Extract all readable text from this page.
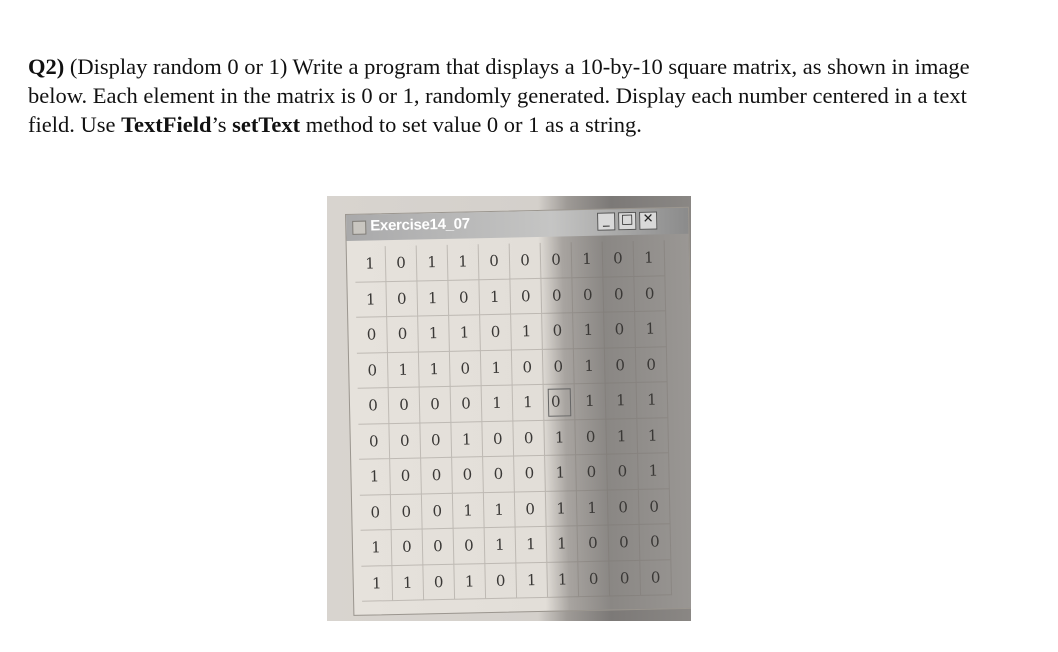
Q2) (Display random 0 or 1) Write a program that displays a 10-by-10 square matrix, as shown in image below. Each element in the matrix is 0 or 1, randomly generated. Display each number centered in a text field. Use TextField’s setText method to set value 0 or 1 as a string.
Exercise14_07	_ □ ✕
1	0	1	1	0	0	0	1	0	1
1	0	1	0	1	0	0	0	0	0
0	0	1	1	0	1	0	1	0	1
0	1	1	0	1	0	0	1	0	0
0	0	0	0	1	1	0	1	1	1
0	0	0	1	0	0	1	0	1	1
1	0	0	0	0	0	1	0	0	1
0	0	0	1	1	0	1	1	0	0
1	0	0	0	1	1	1	0	0	0
1	1	0	1	0	1	1	0	0	0
